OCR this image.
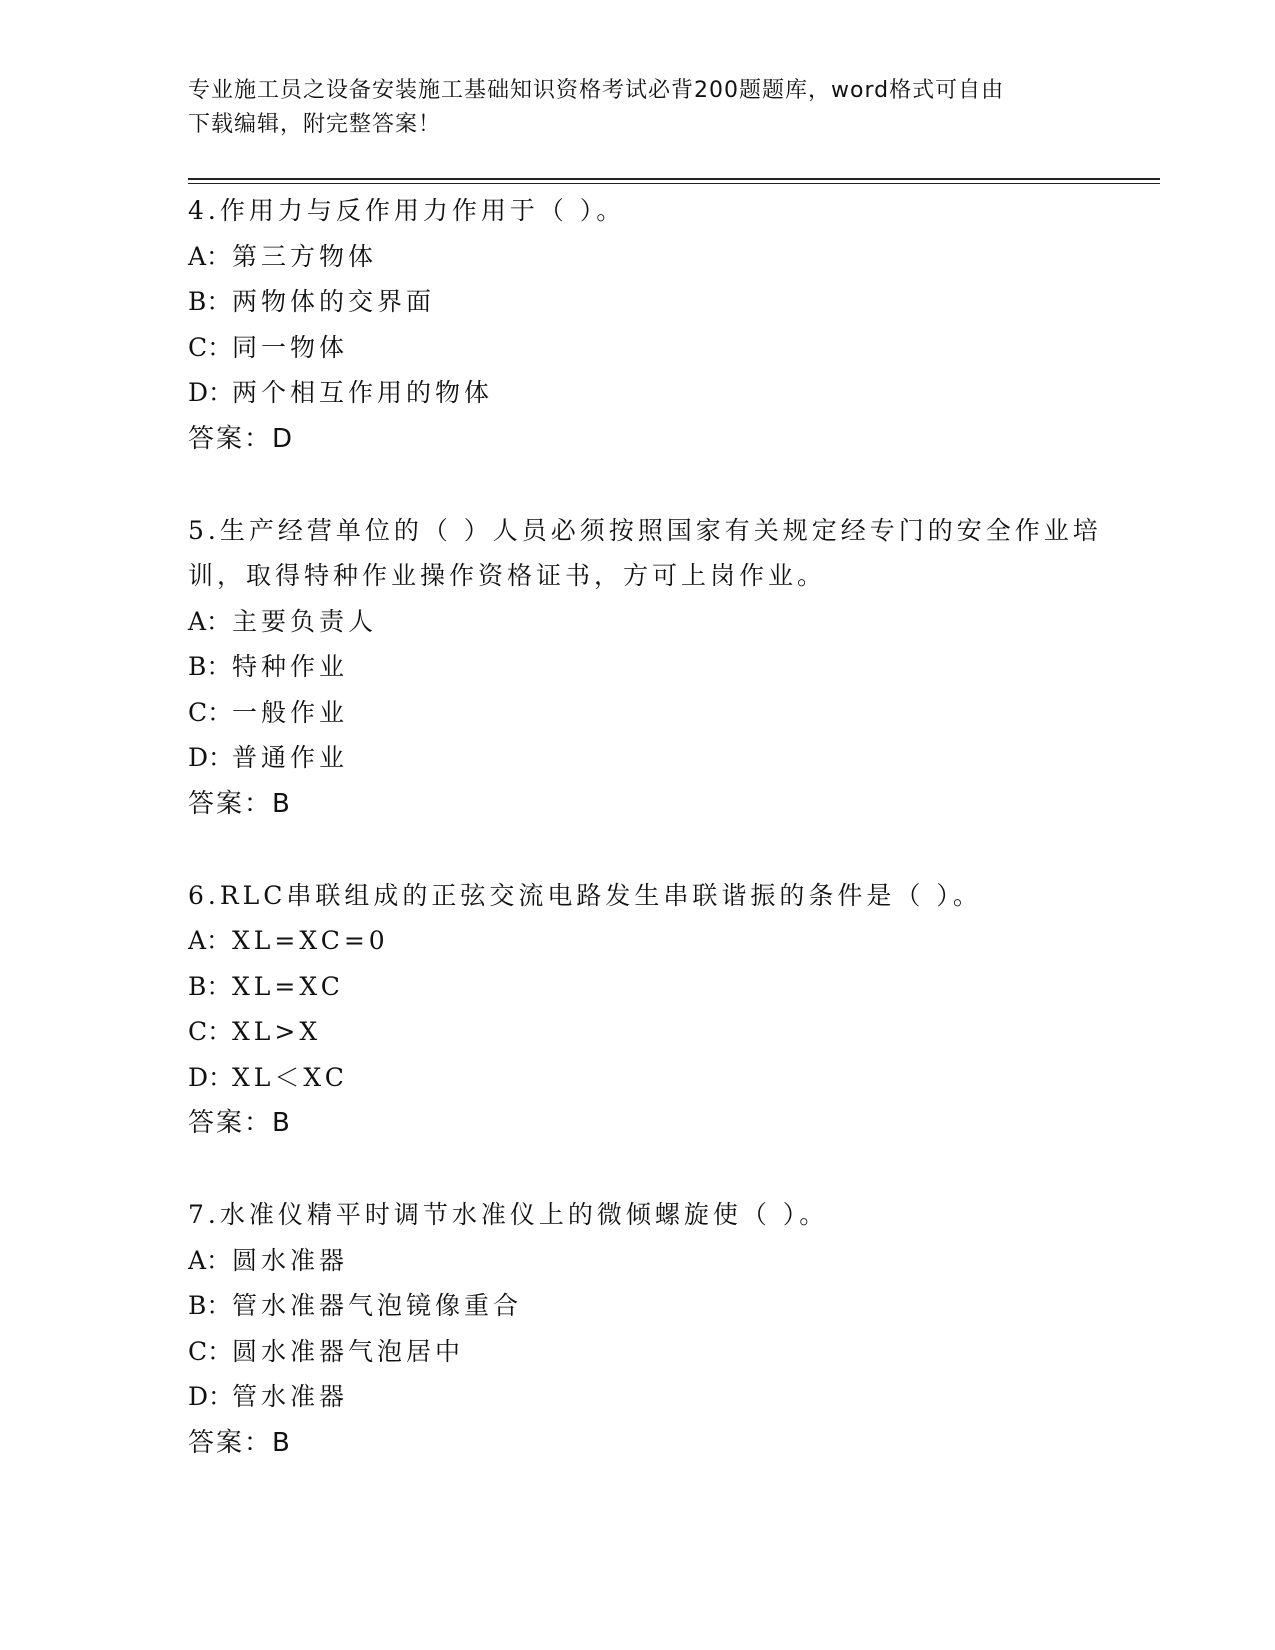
专业施工员之设备安装施工基础知识资格考试必背200题题库，word格式可自由
下载编辑，附完整答案！
4.作用力与反作用力作用于（ ）。
A：第三方物体
B：两物体的交界面
C：同一物体
D：两个相互作用的物体
答案：D
5.生产经营单位的（ ）人员必须按照国家有关规定经专门的安全作业培训，取得特种作业操作资格证书，方可上岗作业。
A：主要负责人
B：特种作业
C：一般作业
D：普通作业
答案：B
6.RLC串联组成的正弦交流电路发生串联谐振的条件是（ ）。
A：XL=XC=0
B：XL=XC
C：XL>X
D：XL＜XC
答案：B
7.水准仪精平时调节水准仪上的微倾螺旋使（ ）。
A：圆水准器
B：管水准器气泡镜像重合
C：圆水准器气泡居中
D：管水准器
答案：B
